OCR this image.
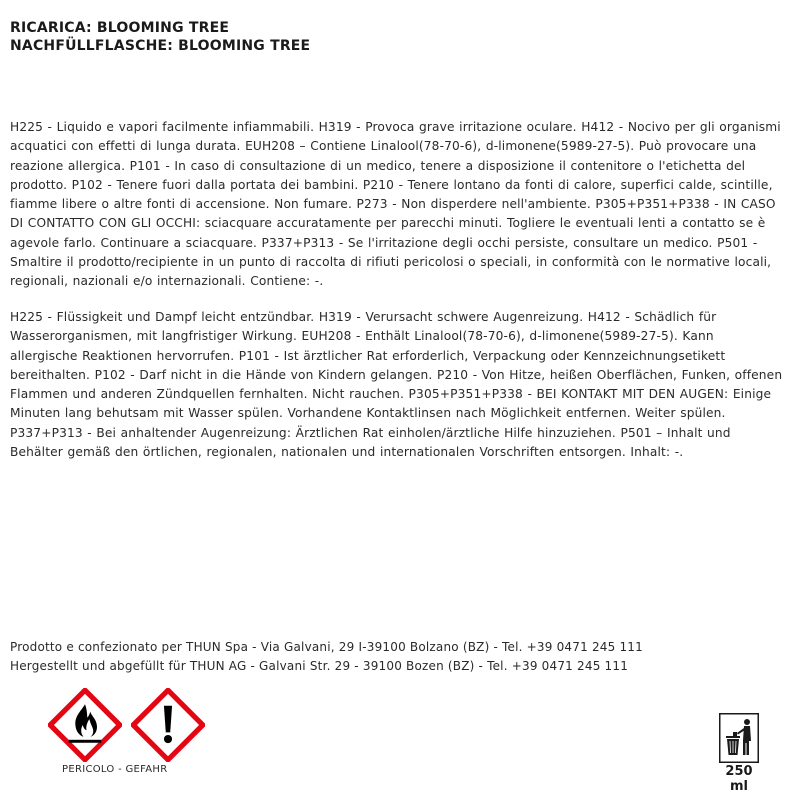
RICARICA: BLOOMING TREE
NACHFÜLLFLASCHE: BLOOMING TREE
H225 - Liquido e vapori facilmente infiammabili. H319 - Provoca grave irritazione oculare. H412 - Nocivo per gli organismi acquatici con effetti di lunga durata. EUH208 – Contiene Linalool(78-70-6), d-limonene(5989-27-5). Può provocare una reazione allergica. P101 - In caso di consultazione di un medico, tenere a disposizione il contenitore o l'etichetta del prodotto. P102 - Tenere fuori dalla portata dei bambini. P210 - Tenere lontano da fonti di calore, superfici calde, scintille, fiamme libere o altre fonti di accensione. Non fumare. P273 - Non disperdere nell'ambiente. P305+P351+P338 - IN CASO DI CONTATTO CON GLI OCCHI: sciacquare accuratamente per parecchi minuti. Togliere le eventuali lenti a contatto se è agevole farlo. Continuare a sciacquare. P337+P313 - Se l'irritazione degli occhi persiste, consultare un medico. P501 - Smaltire il prodotto/recipiente in un punto di raccolta di rifiuti pericolosi o speciali, in conformità con le normative locali, regionali, nazionali e/o internazionali. Contiene: -.
H225 - Flüssigkeit und Dampf leicht entzündbar. H319 - Verursacht schwere Augenreizung. H412 - Schädlich für Wasserorganismen, mit langfristiger Wirkung. EUH208 - Enthält Linalool(78-70-6), d-limonene(5989-27-5). Kann allergische Reaktionen hervorrufen. P101 - Ist ärztlicher Rat erforderlich, Verpackung oder Kennzeichnungsetikett bereithalten. P102 - Darf nicht in die Hände von Kindern gelangen. P210 - Von Hitze, heißen Oberflächen, Funken, offenen Flammen und anderen Zündquellen fernhalten. Nicht rauchen. P305+P351+P338 - BEI KONTAKT MIT DEN AUGEN: Einige Minuten lang behutsam mit Wasser spülen. Vorhandene Kontaktlinsen nach Möglichkeit entfernen. Weiter spülen. P337+P313 - Bei anhaltender Augenreizung: Ärztlichen Rat einholen/ärztliche Hilfe hinzuziehen. P501 – Inhalt und Behälter gemäß den örtlichen, regionalen, nationalen und internationalen Vorschriften entsorgen. Inhalt: -.
Prodotto e confezionato per THUN Spa - Via Galvani, 29 I-39100 Bolzano (BZ) - Tel. +39 0471 245 111
Hergestellt und abgefüllt für THUN AG - Galvani Str. 29 - 39100 Bozen (BZ) - Tel. +39 0471 245 111
PERICOLO - GEFAHR	250
ml
